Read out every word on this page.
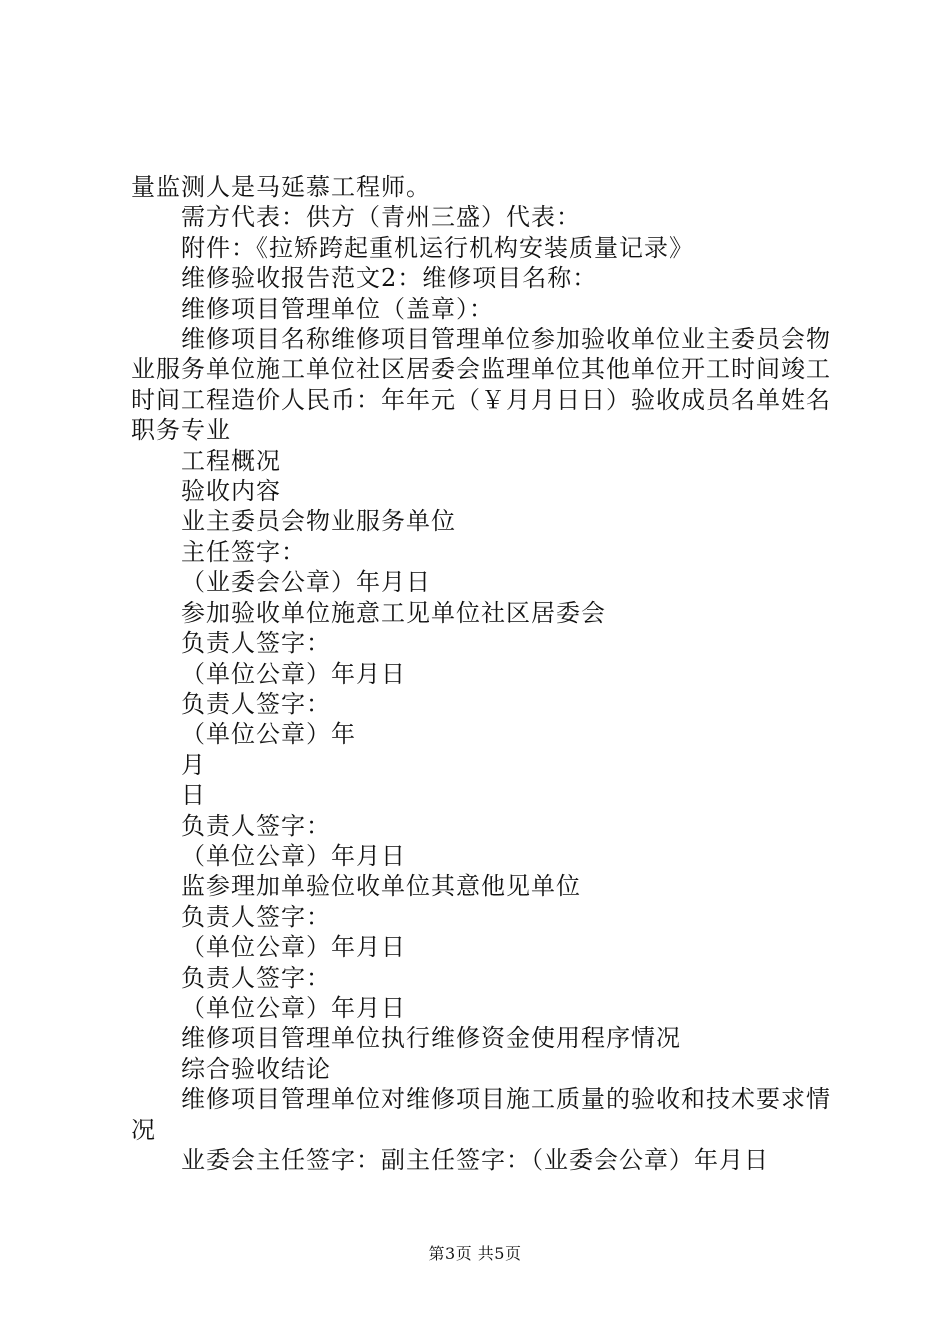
量监测人是马延慕工程师。

需方代表：供方（青州三盛）代表：

附件：《拉矫跨起重机运行机构安装质量记录》

维修验收报告范文2：维修项目名称：

维修项目管理单位（盖章）：

维修项目名称维修项目管理单位参加验收单位业主委员会物业服务单位施工单位社区居委会监理单位其他单位开工时间竣工时间工程造价人民币：年年元（￥月月日日）验收成员名单姓名职务专业

工程概况

验收内容

业主委员会物业服务单位

主任签字：

（业委会公章）年月日

参加验收单位施意工见单位社区居委会

负责人签字：

（单位公章）年月日

负责人签字：

（单位公章）年

月

日

负责人签字：

（单位公章）年月日

监参理加单验位收单位其意他见单位

负责人签字：

（单位公章）年月日

负责人签字：

（单位公章）年月日

维修项目管理单位执行维修资金使用程序情况

综合验收结论

维修项目管理单位对维修项目施工质量的验收和技术要求情况

业委会主任签字：副主任签字：（业委会公章）年月日

第3页 共5页
